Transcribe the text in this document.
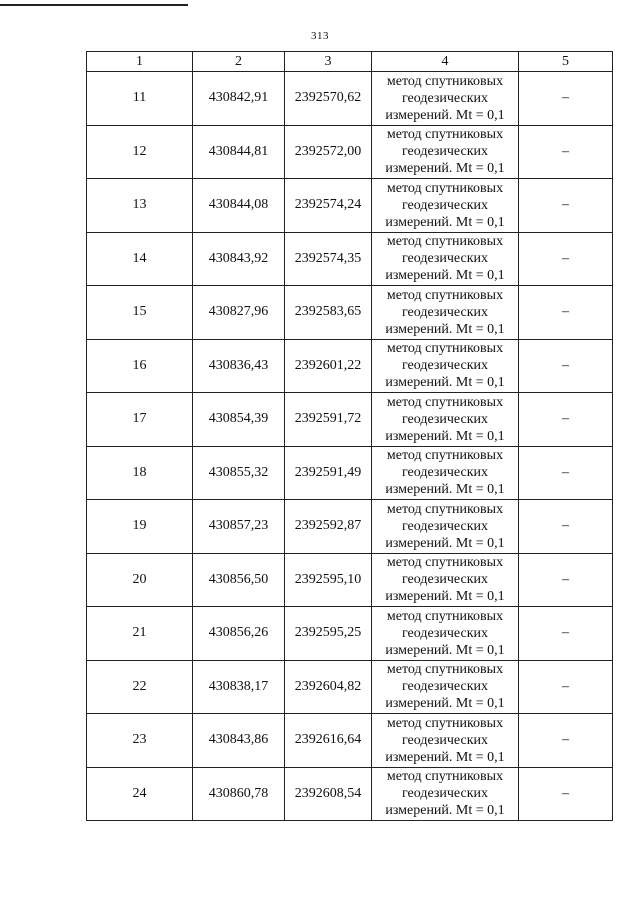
313
1	2	3	4	5
11	430842,91	2392570,62	метод спутниковых
геодезических
измерений. Mt = 0,1	–
12	430844,81	2392572,00	метод спутниковых
геодезических
измерений. Mt = 0,1	–
13	430844,08	2392574,24	метод спутниковых
геодезических
измерений. Mt = 0,1	–
14	430843,92	2392574,35	метод спутниковых
геодезических
измерений. Mt = 0,1	–
15	430827,96	2392583,65	метод спутниковых
геодезических
измерений. Mt = 0,1	–
16	430836,43	2392601,22	метод спутниковых
геодезических
измерений. Mt = 0,1	–
17	430854,39	2392591,72	метод спутниковых
геодезических
измерений. Mt = 0,1	–
18	430855,32	2392591,49	метод спутниковых
геодезических
измерений. Mt = 0,1	–
19	430857,23	2392592,87	метод спутниковых
геодезических
измерений. Mt = 0,1	–
20	430856,50	2392595,10	метод спутниковых
геодезических
измерений. Mt = 0,1	–
21	430856,26	2392595,25	метод спутниковых
геодезических
измерений. Mt = 0,1	–
22	430838,17	2392604,82	метод спутниковых
геодезических
измерений. Mt = 0,1	–
23	430843,86	2392616,64	метод спутниковых
геодезических
измерений. Mt = 0,1	–
24	430860,78	2392608,54	метод спутниковых
геодезических
измерений. Mt = 0,1	–
